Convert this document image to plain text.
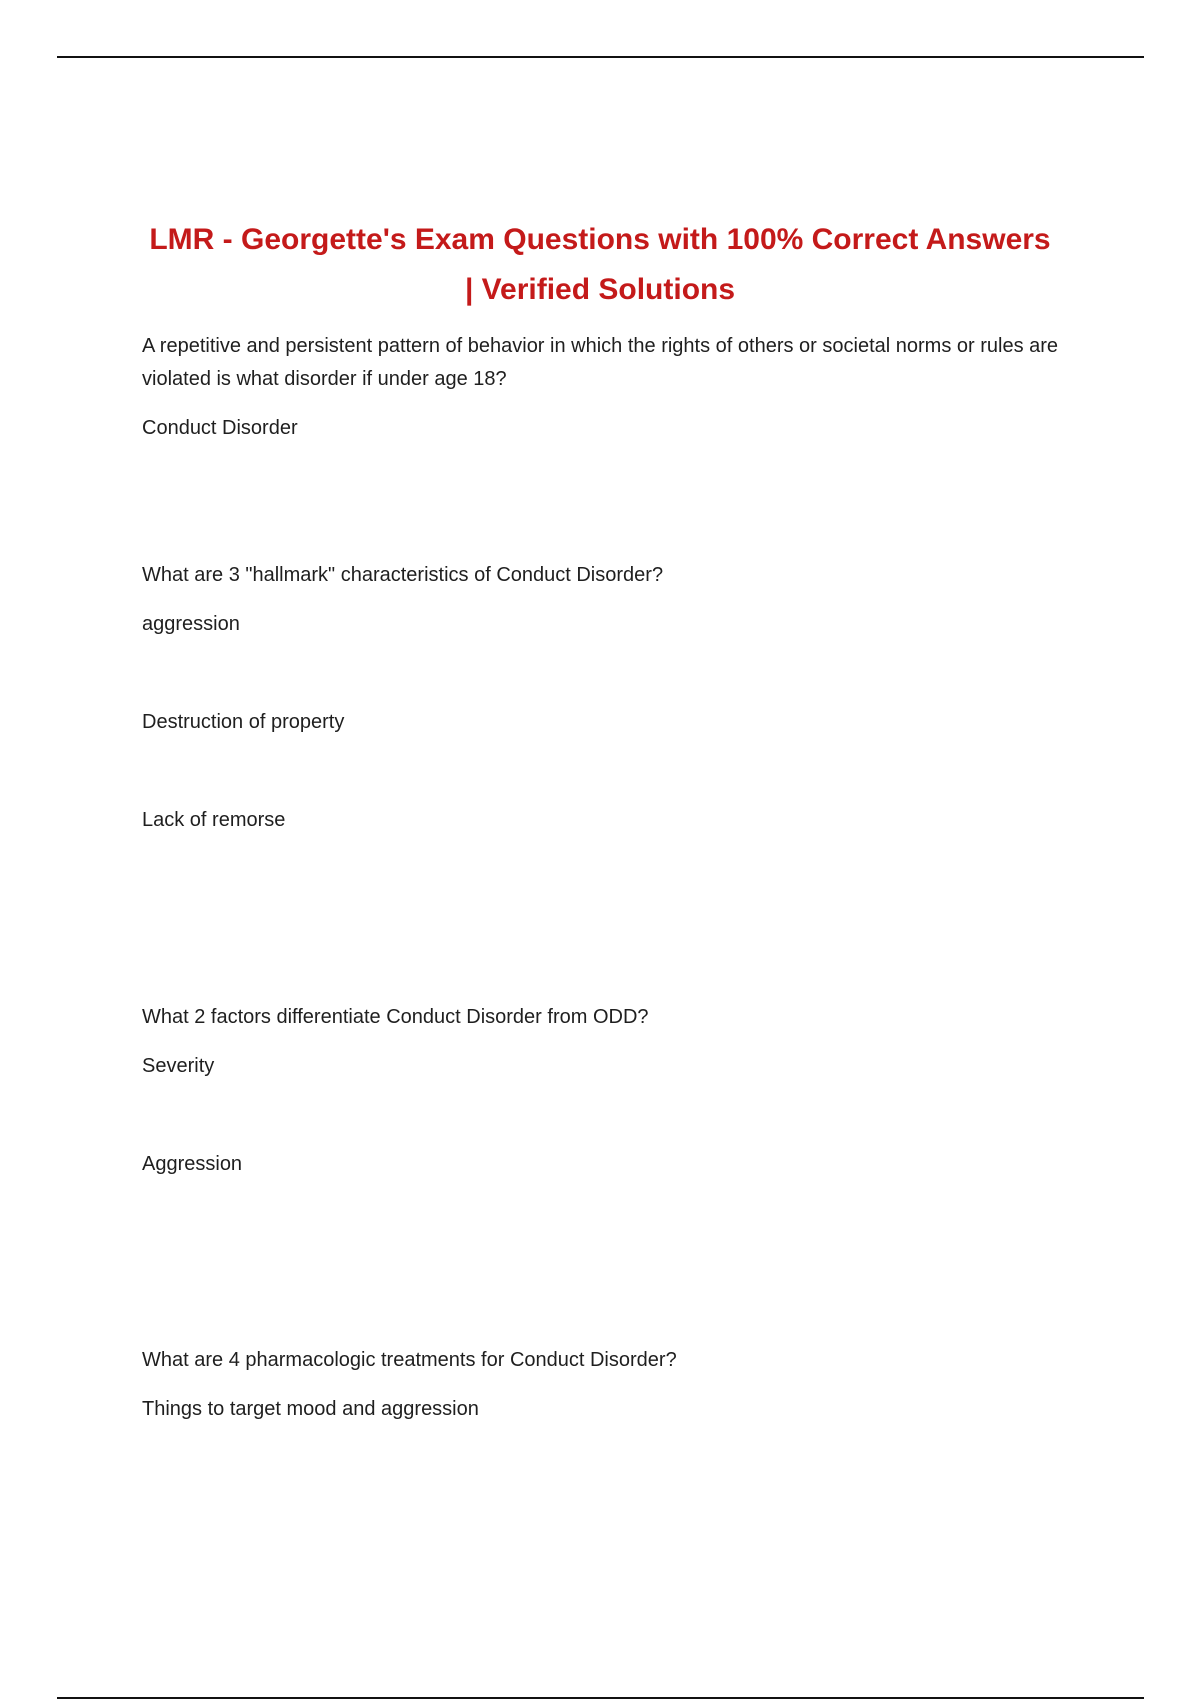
LMR - Georgette's Exam Questions with 100% Correct Answers
| Verified Solutions

A repetitive and persistent pattern of behavior in which the rights of others or societal norms or rules are violated is what disorder if under age 18?

Conduct Disorder

What are 3 "hallmark" characteristics of Conduct Disorder?

aggression

Destruction of property

Lack of remorse

What 2 factors differentiate Conduct Disorder from ODD?

Severity

Aggression

What are 4 pharmacologic treatments for Conduct Disorder?

Things to target mood and aggression
